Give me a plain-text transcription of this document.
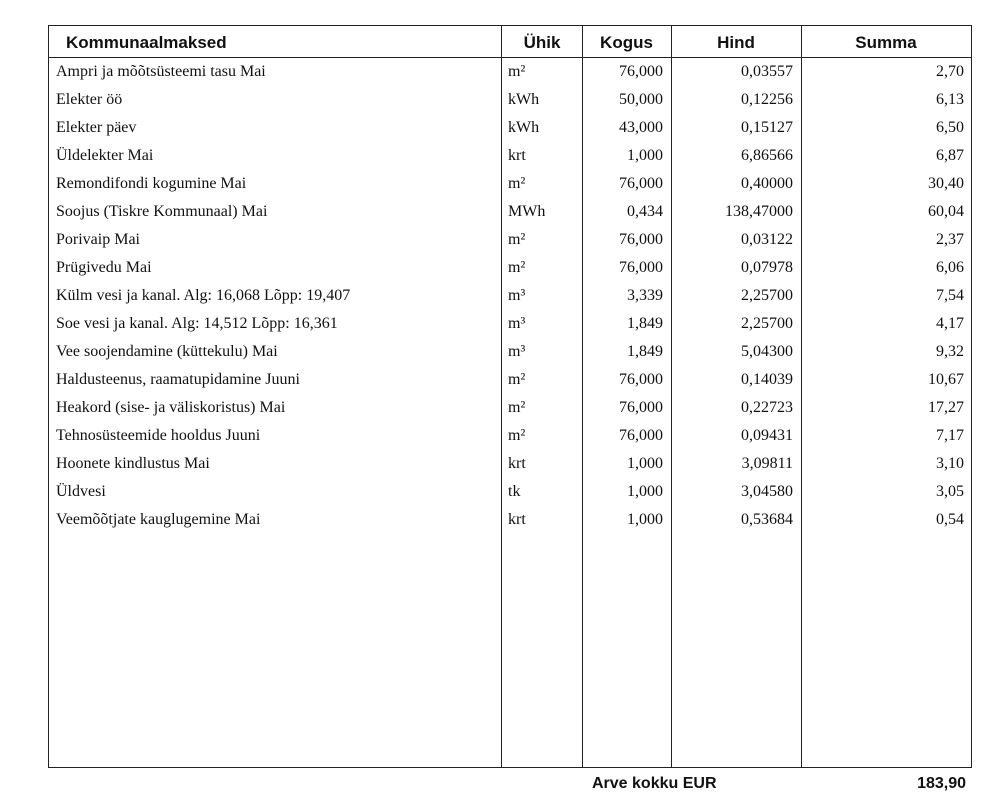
Kommunaalmaksed	Ühik	Kogus	Hind	Summa
Ampri ja mõõtsüsteemi tasu Mai	m²	76,000	0,03557	2,70
Elekter öö	kWh	50,000	0,12256	6,13
Elekter päev	kWh	43,000	0,15127	6,50
Üldelekter Mai	krt	1,000	6,86566	6,87
Remondifondi kogumine Mai	m²	76,000	0,40000	30,40
Soojus (Tiskre Kommunaal) Mai	MWh	0,434	138,47000	60,04
Porivaip Mai	m²	76,000	0,03122	2,37
Prügivedu Mai	m²	76,000	0,07978	6,06
Külm vesi ja kanal. Alg: 16,068 Lõpp: 19,407	m³	3,339	2,25700	7,54
Soe vesi ja kanal. Alg: 14,512 Lõpp: 16,361	m³	1,849	2,25700	4,17
Vee soojendamine (küttekulu) Mai	m³	1,849	5,04300	9,32
Haldusteenus, raamatupidamine Juuni	m²	76,000	0,14039	10,67
Heakord (sise- ja väliskoristus) Mai	m²	76,000	0,22723	17,27
Tehnosüsteemide hooldus Juuni	m²	76,000	0,09431	7,17
Hoonete kindlustus Mai	krt	1,000	3,09811	3,10
Üldvesi	tk	1,000	3,04580	3,05
Veemõõtjate kauglugemine Mai	krt	1,000	0,53684	0,54
Arve kokku EUR	183,90
